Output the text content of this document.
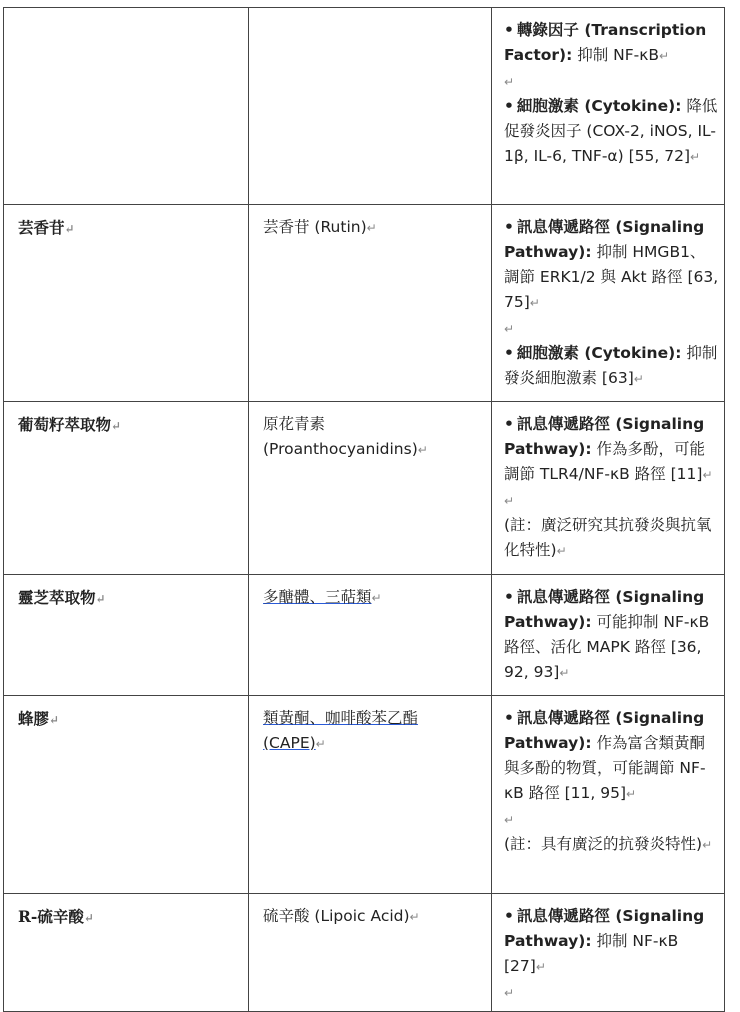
		• 轉錄因子 (Transcription Factor): 抑制 NF-κB↵

↵

• 細胞激素 (Cytokine): 降低促發炎因子 (COX-2, iNOS, IL-1β, IL-6, TNF-α) [55, 72]↵

芸香苷↵	芸香苷 (Rutin)↵	• 訊息傳遞路徑 (Signaling Pathway): 抑制 HMGB1、調節 ERK1/2 與 Akt 路徑 [63, 75]↵

↵

• 細胞激素 (Cytokine): 抑制發炎細胞激素 [63]↵

葡萄籽萃取物↵	原花青素 (Proanthocyanidins)↵	• 訊息傳遞路徑 (Signaling Pathway): 作為多酚，可能調節 TLR4/NF-κB 路徑 [11]↵

↵

(註：廣泛研究其抗發炎與抗氧化特性)↵

靈芝萃取物↵	多醣體、三萜類↵	• 訊息傳遞路徑 (Signaling Pathway): 可能抑制 NF-κB 路徑、活化 MAPK 路徑 [36, 92, 93]↵

蜂膠↵	類黃酮、咖啡酸苯乙酯 (CAPE)↵	• 訊息傳遞路徑 (Signaling Pathway): 作為富含類黃酮與多酚的物質，可能調節 NF-κB 路徑 [11, 95]↵

↵

(註：具有廣泛的抗發炎特性)↵

R-硫辛酸↵	硫辛酸 (Lipoic Acid)↵	• 訊息傳遞路徑 (Signaling Pathway): 抑制 NF-κB [27]↵

↵
